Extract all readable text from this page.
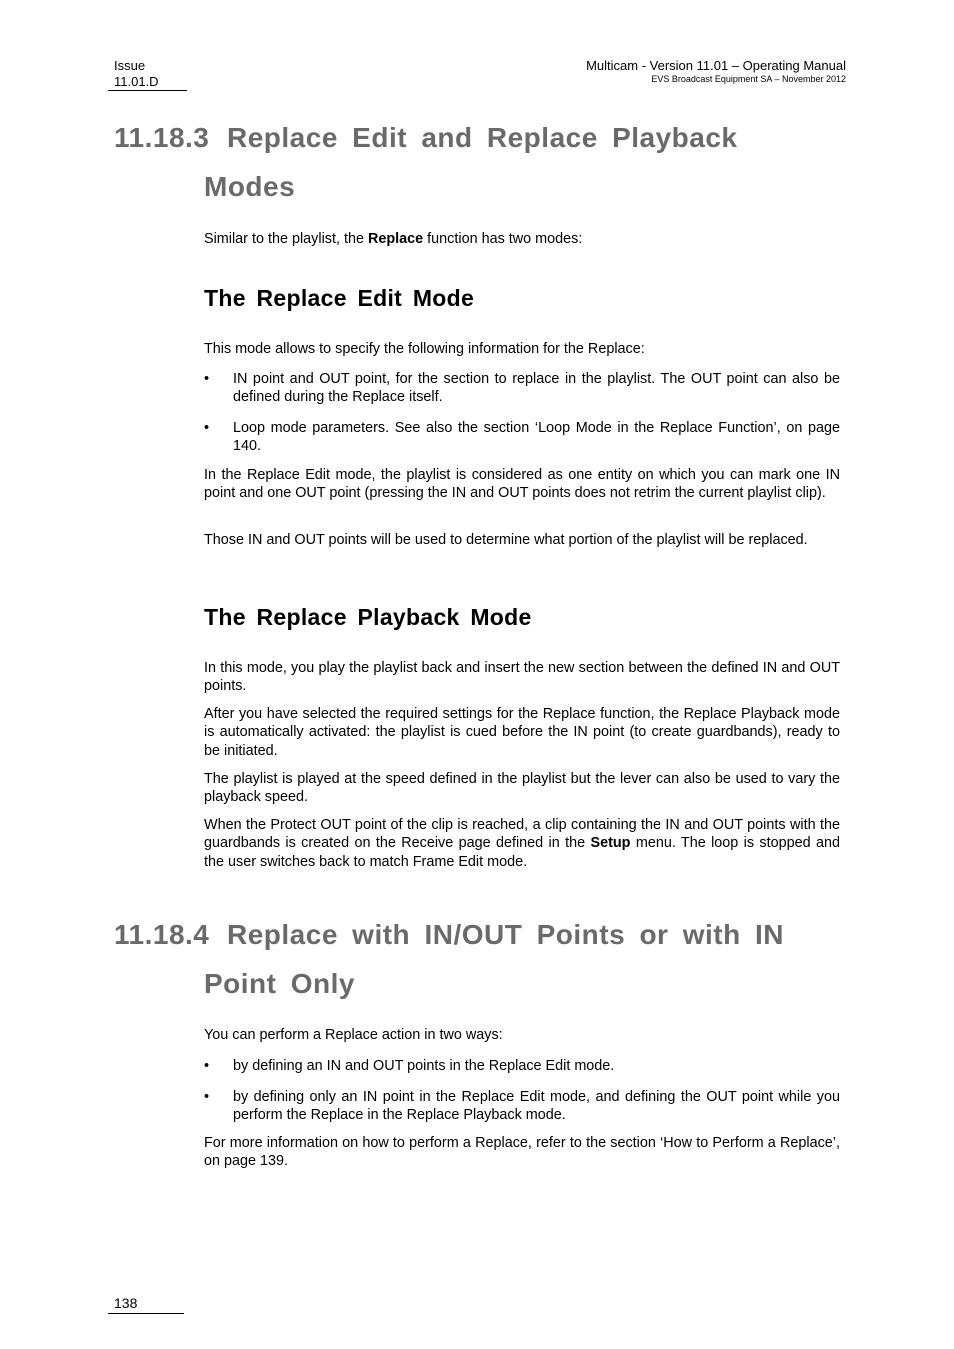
Issue
11.01.D
Multicam - Version 11.01 – Operating Manual
EVS Broadcast Equipment SA – November 2012
11.18.3 Replace Edit and Replace Playback
Modes

Similar to the playlist, the Replace function has two modes:

The Replace Edit Mode

This mode allows to specify the following information for the Replace:

•	IN point and OUT point, for the section to replace in the playlist. The OUT point can also be defined during the Replace itself.
•	Loop mode parameters. See also the section ‘Loop Mode in the Replace Function’, on page 140.

In the Replace Edit mode, the playlist is considered as one entity on which you can mark one IN point and one OUT point (pressing the IN and OUT points does not retrim the current playlist clip).

Those IN and OUT points will be used to determine what portion of the playlist will be replaced.

The Replace Playback Mode

In this mode, you play the playlist back and insert the new section between the defined IN and OUT points.

After you have selected the required settings for the Replace function, the Replace Playback mode is automatically activated: the playlist is cued before the IN point (to create guardbands), ready to be initiated.

The playlist is played at the speed defined in the playlist but the lever can also be used to vary the playback speed.

When the Protect OUT point of the clip is reached, a clip containing the IN and OUT points with the guardbands is created on the Receive page defined in the Setup menu. The loop is stopped and the user switches back to match Frame Edit mode.

11.18.4 Replace with IN/OUT Points or with IN
Point Only

You can perform a Replace action in two ways:

•	by defining an IN and OUT points in the Replace Edit mode.
•	by defining only an IN point in the Replace Edit mode, and defining the OUT point while you perform the Replace in the Replace Playback mode.

For more information on how to perform a Replace, refer to the section ‘How to Perform a Replace’, on page 139.

138
